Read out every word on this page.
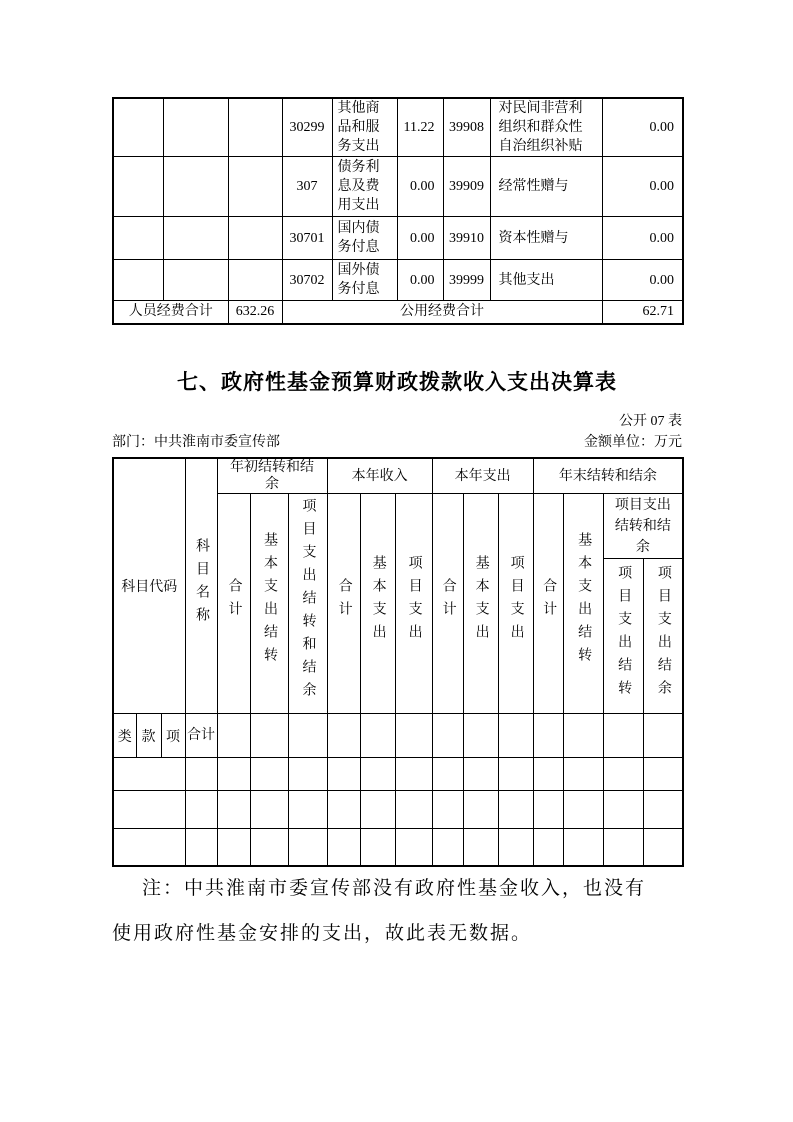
			30299	其他商品和服务支出	11.22	39908	对民间非营利组织和群众性自治组织补贴	0.00
			307	债务利息及费用支出	0.00	39909	经常性赠与	0.00
			30701	国内债务付息	0.00	39910	资本性赠与	0.00
			30702	国外债务付息	0.00	39999	其他支出	0.00
人员经费合计		632.26	公用经费合计					62.71
七、政府性基金预算财政拨款收入支出决算表
公开 07 表
部门：中共淮南市委宣传部	金额单位：万元
科目代码			科目名称	年初结转和结余			本年收入			本年支出			年末结转和结余			
				合计	基本支出结转	项目支出结转和结余	合计	基本支出	项目支出	合计	基本支出	项目支出	合计	基本支出结转	项目支出结转和结余	
															项目支出结转	项目支出结余
类	款	项	合计													

注：中共淮南市委宣传部没有政府性基金收入，也没有使用政府性基金安排的支出，故此表无数据。
